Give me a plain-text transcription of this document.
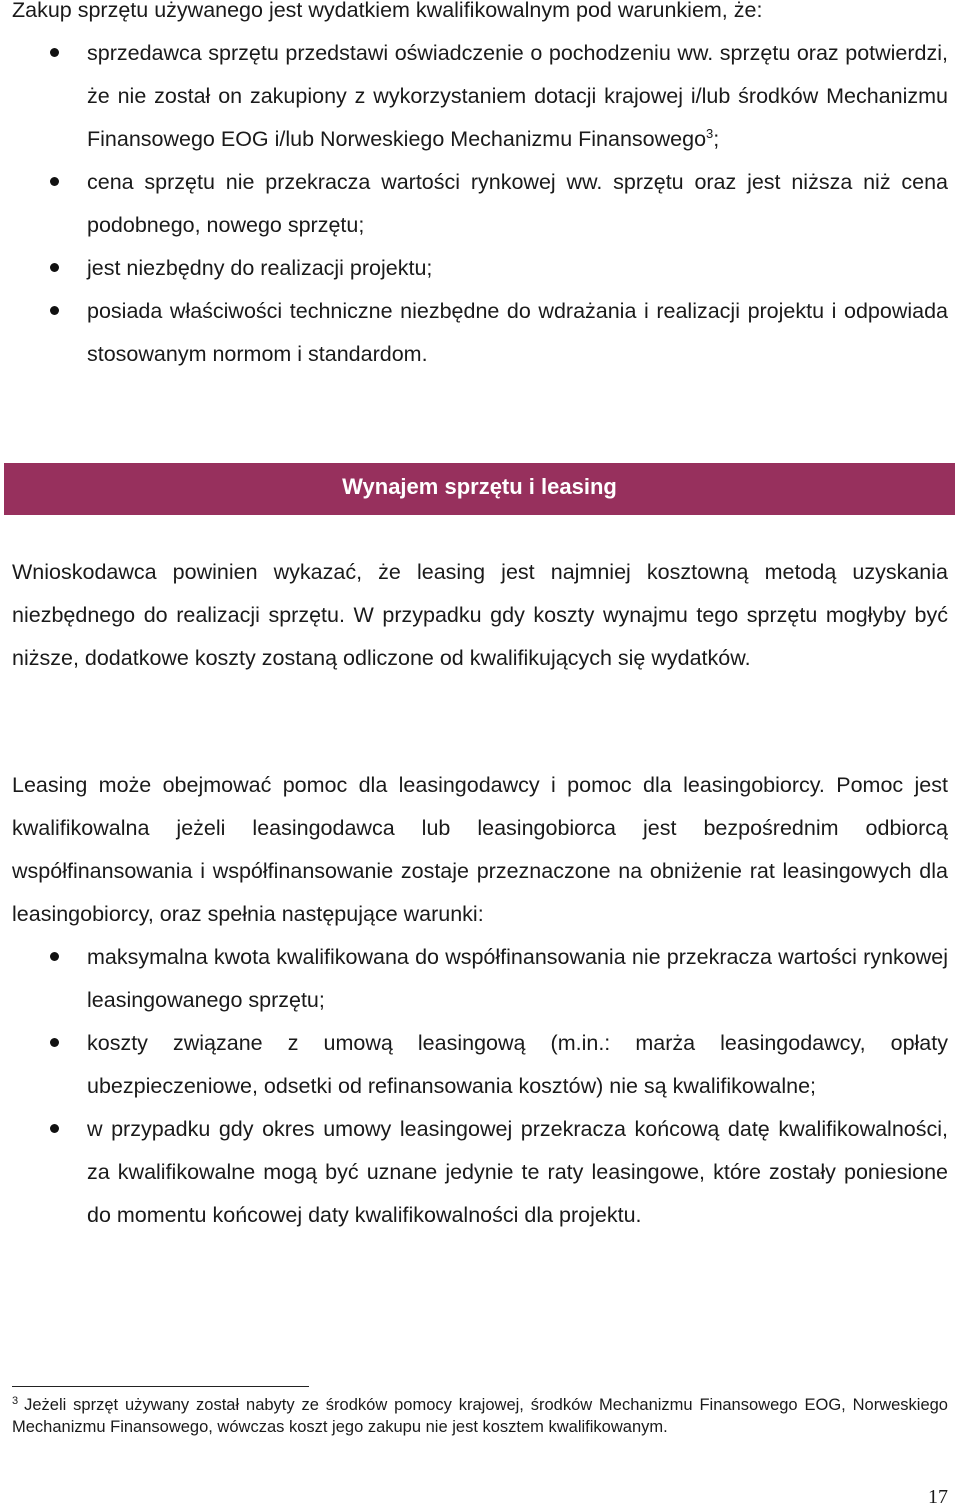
Zakup sprzętu używanego jest wydatkiem kwalifikowalnym pod warunkiem, że:

sprzedawca sprzętu przedstawi oświadczenie o pochodzeniu ww. sprzętu oraz potwierdzi, że nie został on zakupiony z wykorzystaniem dotacji krajowej i/lub środków Mechanizmu Finansowego EOG i/lub Norweskiego Mechanizmu Finansowego$^3$;
cena sprzętu nie przekracza wartości rynkowej ww. sprzętu oraz jest niższa niż cena podobnego, nowego sprzętu;
jest niezbędny do realizacji projektu;
posiada właściwości techniczne niezbędne do wdrażania i realizacji projektu i odpowiada stosowanym normom i standardom.
Wynajem sprzętu i leasing

Wnioskodawca powinien wykazać, że leasing jest najmniej kosztowną metodą uzyskania niezbędnego do realizacji sprzętu. W przypadku gdy koszty wynajmu tego sprzętu mogłyby być niższe, dodatkowe koszty zostaną odliczone od kwalifikujących się wydatków.

Leasing może obejmować pomoc dla leasingodawcy i pomoc dla leasingobiorcy. Pomoc jest kwalifikowalna jeżeli leasingodawca lub leasingobiorca jest bezpośrednim odbiorcą współfinansowania i współfinansowanie zostaje przeznaczone na obniżenie rat leasingowych dla leasingobiorcy, oraz spełnia następujące warunki:

maksymalna kwota kwalifikowana do współfinansowania nie przekracza wartości rynkowej leasingowanego sprzętu;
koszty związane z umową leasingową (m.in.: marża leasingodawcy, opłaty ubezpieczeniowe, odsetki od refinansowania kosztów) nie są kwalifikowalne;
w przypadku gdy okres umowy leasingowej przekracza końcową datę kwalifikowalności, za kwalifikowalne mogą być uznane jedynie te raty leasingowe, które zostały poniesione do momentu końcowej daty kwalifikowalności dla projektu.

$^3$ Jeżeli sprzęt używany został nabyty ze środków pomocy krajowej, środków Mechanizmu Finansowego EOG, Norweskiego Mechanizmu Finansowego, wówczas koszt jego zakupu nie jest kosztem kwalifikowanym.

17
